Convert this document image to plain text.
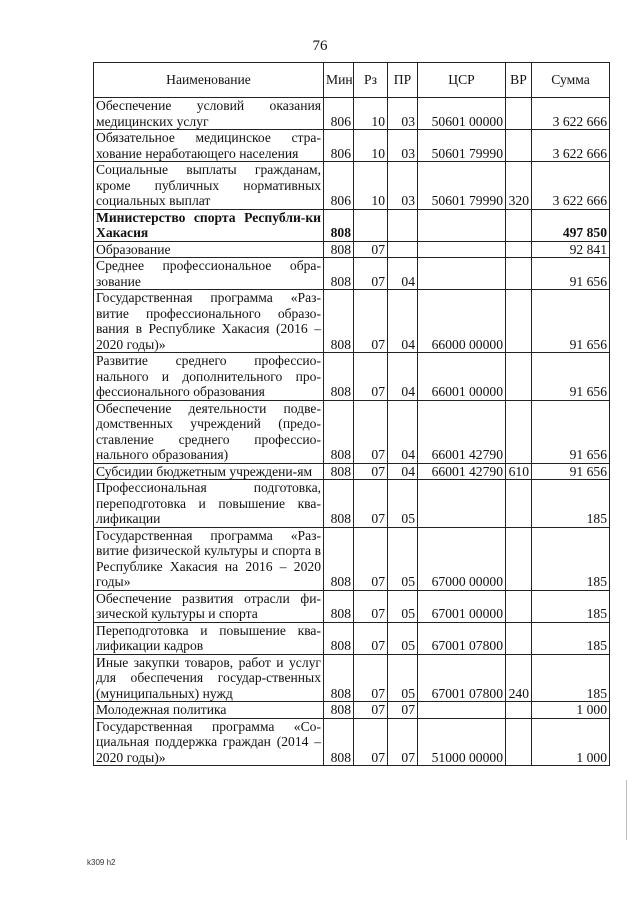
76
Наименование	Мин	Рз	ПР	ЦСР	ВР	Сумма
Обеспечение условий оказания медицинских услуг	806	10	03	50601 00000		3 622 666
Обязательное медицинское стра-хование неработающего населения	806	10	03	50601 79990		3 622 666
Социальные выплаты гражданам, кроме публичных нормативных социальных выплат	806	10	03	50601 79990	320	3 622 666
Министерство спорта Республи-ки Хакасия	808					497 850
Образование	808	07				92 841
Среднее профессиональное обра-зование	808	07	04			91 656
Государственная программа «Раз-витие профессионального образо-вания в Республике Хакасия (2016 – 2020 годы)»	808	07	04	66000 00000		91 656
Развитие среднего профессио-нального и дополнительного про-фессионального образования	808	07	04	66001 00000		91 656
Обеспечение деятельности подве-домственных учреждений (предо-ставление среднего профессио-нального образования)	808	07	04	66001 42790		91 656
Субсидии бюджетным учреждени-ям	808	07	04	66001 42790	610	91 656
Профессиональная подготовка, переподготовка и повышение ква-лификации	808	07	05			185
Государственная программа «Раз-витие физической культуры и спорта в Республике Хакасия на 2016 – 2020 годы»	808	07	05	67000 00000		185
Обеспечение развития отрасли фи-зической культуры и спорта	808	07	05	67001 00000		185
Переподготовка и повышение ква-лификации кадров	808	07	05	67001 07800		185
Иные закупки товаров, работ и услуг для обеспечения государ-ственных (муниципальных) нужд	808	07	05	67001 07800	240	185
Молодежная политика	808	07	07			1 000
Государственная программа «Со-циальная поддержка граждан (2014 – 2020 годы)»	808	07	07	51000 00000		1 000
k309 h2
